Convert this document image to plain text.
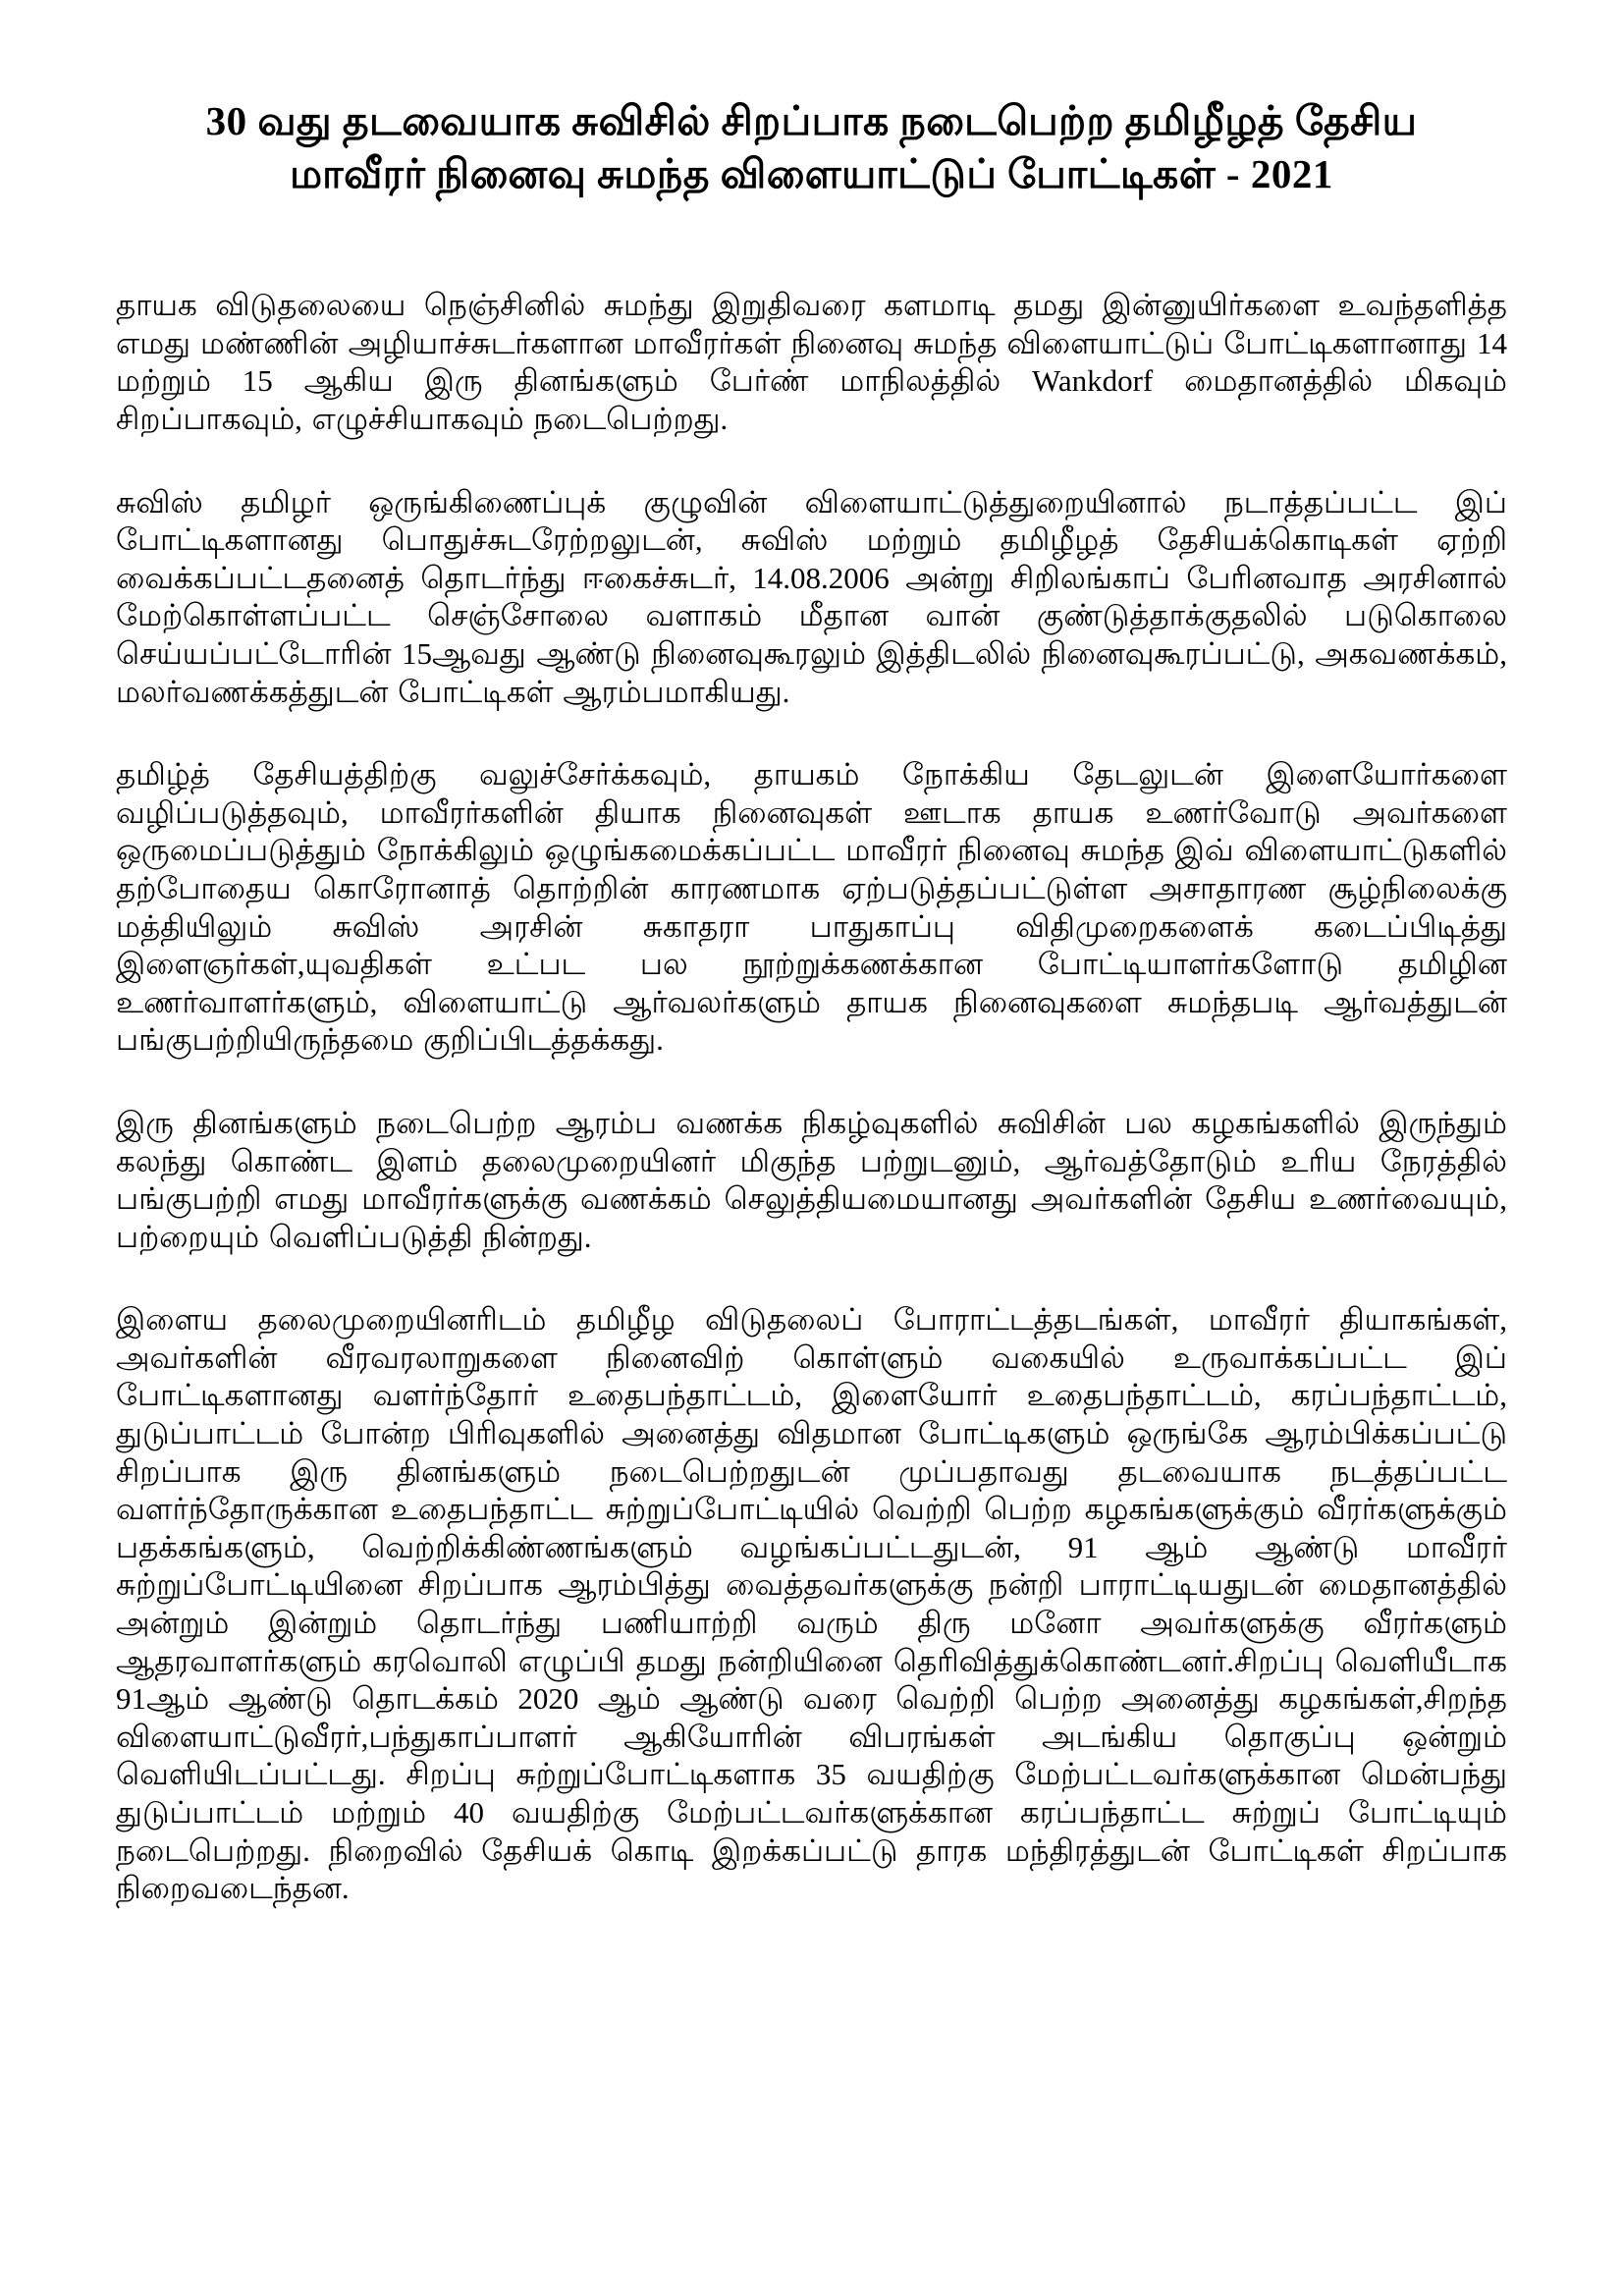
30 வது தடவையாக சுவிசில் சிறப்பாக நடைபெற்ற தமிழீழத் தேசிய
மாவீரர் நினைவு சுமந்த விளையாட்டுப் போட்டிகள் - 2021

தாயக விடுதலையை நெஞ்சினில் சுமந்து இறுதிவரை களமாடி தமது இன்னுயிர்களை உவந்தளித்த எமது மண்ணின் அழியாச்சுடர்களான மாவீரர்கள் நினைவு சுமந்த விளையாட்டுப் போட்டிகளானாது 14 மற்றும் 15 ஆகிய இரு தினங்களும் பேர்ண் மாநிலத்தில் Wankdorf மைதானத்தில் மிகவும் சிறப்பாகவும், எழுச்சியாகவும் நடைபெற்றது.

சுவிஸ் தமிழர் ஒருங்கிணைப்புக் குழுவின் விளையாட்டுத்துறையினால் நடாத்தப்பட்ட இப் போட்டிகளானது பொதுச்சுடரேற்றலுடன், சுவிஸ் மற்றும் தமிழீழத் தேசியக்கொடிகள் ஏற்றி வைக்கப்பட்டதனைத் தொடர்ந்து ஈகைச்சுடர், 14.08.2006 அன்று சிறிலங்காப் பேரினவாத அரசினால் மேற்கொள்ளப்பட்ட செஞ்சோலை வளாகம் மீதான வான் குண்டுத்தாக்குதலில் படுகொலை செய்யப்பட்டோரின் 15ஆவது ஆண்டு நினைவுகூரலும் இத்திடலில் நினைவுகூரப்பட்டு, அகவணக்கம், மலர்வணக்கத்துடன் போட்டிகள் ஆரம்பமாகியது.

தமிழ்த் தேசியத்திற்கு வலுச்சேர்க்கவும், தாயகம் நோக்கிய தேடலுடன் இளையோர்களை வழிப்படுத்தவும், மாவீரர்களின் தியாக நினைவுகள் ஊடாக தாயக உணர்வோடு அவர்களை ஒருமைப்படுத்தும் நோக்கிலும் ஒழுங்கமைக்கப்பட்ட மாவீரர் நினைவு சுமந்த இவ் விளையாட்டுகளில் தற்போதைய கொரோனாத் தொற்றின் காரணமாக ஏற்படுத்தப்பட்டுள்ள அசாதாரண சூழ்நிலைக்கு மத்தியிலும் சுவிஸ் அரசின் சுகாதரா பாதுகாப்பு விதிமுறைகளைக் கடைப்பிடித்து இளைஞர்கள்,யுவதிகள் உட்பட பல நூற்றுக்கணக்கான போட்டியாளர்களோடு தமிழின உணர்வாளர்களும், விளையாட்டு ஆர்வலர்களும் தாயக நினைவுகளை சுமந்தபடி ஆர்வத்துடன் பங்குபற்றியிருந்தமை குறிப்பிடத்தக்கது.

இரு தினங்களும் நடைபெற்ற ஆரம்ப வணக்க நிகழ்வுகளில் சுவிசின் பல கழகங்களில் இருந்தும் கலந்து கொண்ட இளம் தலைமுறையினர் மிகுந்த பற்றுடனும், ஆர்வத்தோடும் உரிய நேரத்தில் பங்குபற்றி எமது மாவீரர்களுக்கு வணக்கம் செலுத்தியமையானது அவர்களின் தேசிய உணர்வையும், பற்றையும் வெளிப்படுத்தி நின்றது.

இளைய தலைமுறையினரிடம் தமிழீழ விடுதலைப் போராட்டத்தடங்கள், மாவீரர் தியாகங்கள், அவர்களின் வீரவரலாறுகளை நினைவிற் கொள்ளும் வகையில் உருவாக்கப்பட்ட இப் போட்டிகளானது வளர்ந்தோர் உதைபந்தாட்டம், இளையோர் உதைபந்தாட்டம், கரப்பந்தாட்டம், துடுப்பாட்டம் போன்ற பிரிவுகளில் அனைத்து விதமான போட்டிகளும் ஒருங்கே ஆரம்பிக்கப்பட்டு சிறப்பாக இரு தினங்களும் நடைபெற்றதுடன் முப்பதாவது தடவையாக நடத்தப்பட்ட வளர்ந்தோருக்கான உதைபந்தாட்ட சுற்றுப்போட்டியில் வெற்றி பெற்ற கழகங்களுக்கும் வீரர்களுக்கும் பதக்கங்களும், வெற்றிக்கிண்ணங்களும் வழங்கப்பட்டதுடன், 91 ஆம் ஆண்டு மாவீரர் சுற்றுப்போட்டியினை சிறப்பாக ஆரம்பித்து வைத்தவர்களுக்கு நன்றி பாராட்டியதுடன் மைதானத்தில் அன்றும் இன்றும் தொடர்ந்து பணியாற்றி வரும் திரு மனோ அவர்களுக்கு வீரர்களும் ஆதரவாளர்களும் கரவொலி எழுப்பி தமது நன்றியினை தெரிவித்துக்கொண்டனர்.சிறப்பு வெளியீடாக 91ஆம் ஆண்டு தொடக்கம் 2020 ஆம் ஆண்டு வரை வெற்றி பெற்ற அனைத்து கழகங்கள்,சிறந்த விளையாட்டுவீரர்,பந்துகாப்பாளர் ஆகியோரின் விபரங்கள் அடங்கிய தொகுப்பு ஒன்றும் வெளியிடப்பட்டது. சிறப்பு சுற்றுப்போட்டிகளாக 35 வயதிற்கு மேற்பட்டவர்களுக்கான மென்பந்து துடுப்பாட்டம் மற்றும் 40 வயதிற்கு மேற்பட்டவர்களுக்கான கரப்பந்தாட்ட சுற்றுப் போட்டியும் நடைபெற்றது. நிறைவில் தேசியக் கொடி இறக்கப்பட்டு தாரக மந்திரத்துடன் போட்டிகள் சிறப்பாக நிறைவடைந்தன.
